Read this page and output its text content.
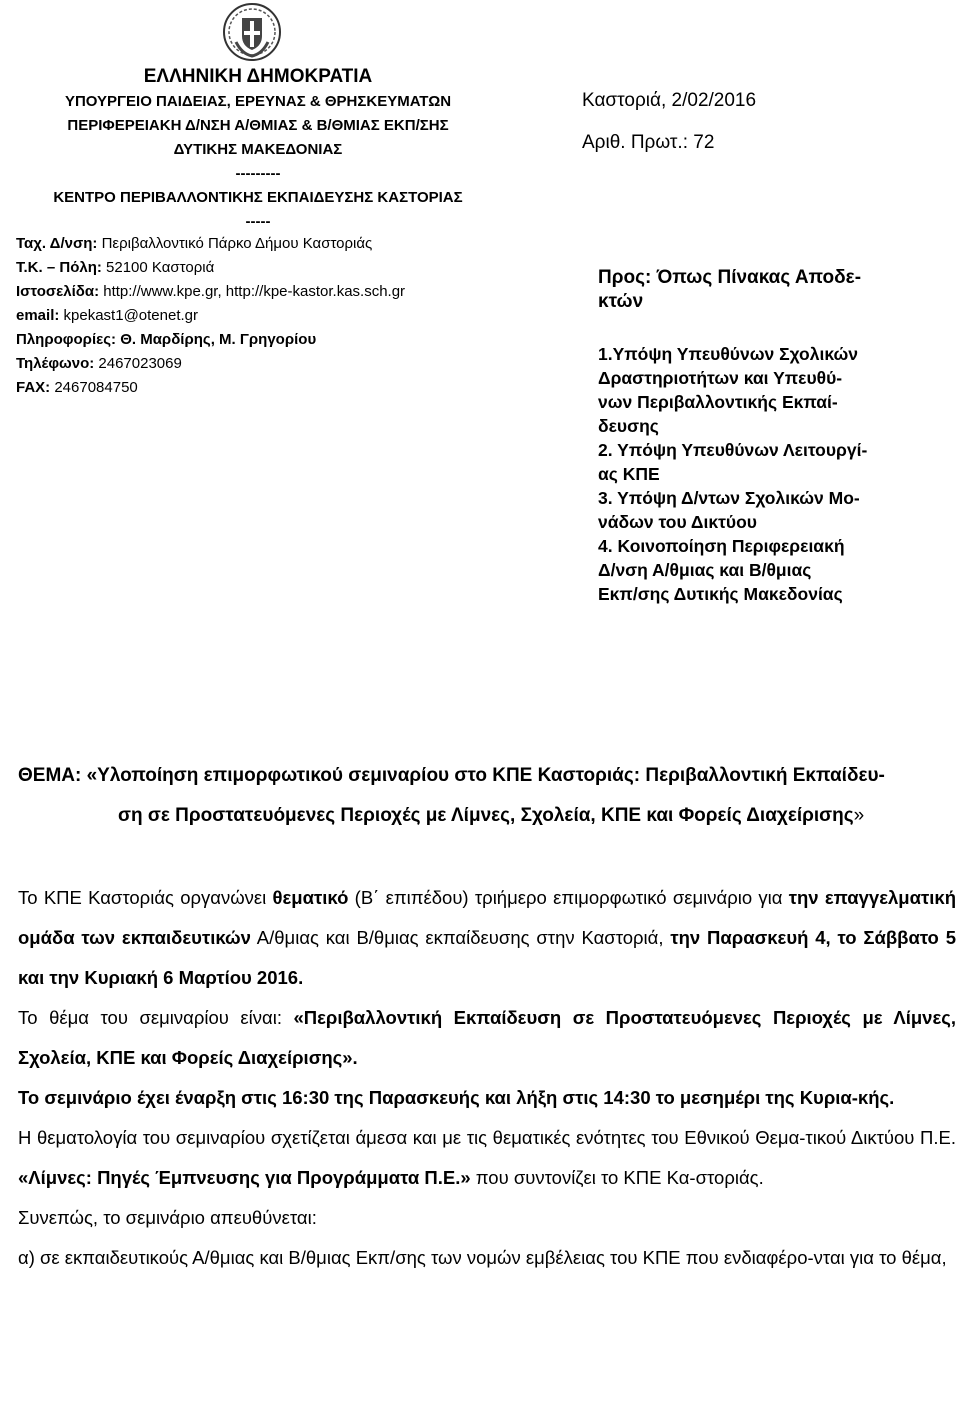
ΕΛΛΗΝΙΚΗ ΔΗΜΟΚΡΑΤΙΑ
ΥΠΟΥΡΓΕΙΟ ΠΑΙΔΕΙΑΣ, ΕΡΕΥΝΑΣ & ΘΡΗΣΚΕΥΜΑΤΩΝ
ΠΕΡΙΦΕΡΕΙΑΚΗ Δ/ΝΣΗ Α/ΘΜΙΑΣ & Β/ΘΜΙΑΣ ΕΚΠ/ΣΗΣ
ΔΥΤΙΚΗΣ ΜΑΚΕΔΟΝΙΑΣ
---------
ΚΕΝΤΡΟ ΠΕΡΙΒΑΛΛΟΝΤΙΚΗΣ ΕΚΠΑΙΔΕΥΣΗΣ ΚΑΣΤΟΡΙΑΣ
-----
Ταχ. Δ/νση: Περιβαλλοντικό Πάρκο Δήμου Καστοριάς
Τ.Κ. – Πόλη: 52100 Καστοριά
Ιστοσελίδα: http://www.kpe.gr, http://kpe-kastor.kas.sch.gr
email: kpekast1@otenet.gr
Πληροφορίες: Θ. Μαρδίρης, Μ. Γρηγορίου
Τηλέφωνο: 2467023069
FAX: 2467084750
Καστοριά, 2/02/2016
Αριθ. Πρωτ.: 72
Προς: Όπως Πίνακας Αποδε-
κτών
1.Υπόψη Υπευθύνων Σχολικών
Δραστηριοτήτων και Υπευθύ-
νων Περιβαλλοντικής Εκπαί-
δευσης
2. Υπόψη Υπευθύνων Λειτουργί-
ας ΚΠΕ
3. Υπόψη Δ/ντων Σχολικών Μο-
νάδων του Δικτύου
4. Κοινοποίηση Περιφερειακή
Δ/νση Α/θμιας και Β/θμιας
Εκπ/σης Δυτικής Μακεδονίας
ΘΕΜΑ: «Υλοποίηση επιμορφωτικού σεμιναρίου στο ΚΠΕ Καστοριάς: Περιβαλλοντική Εκπαίδευ-
ση σε Προστατευόμενες Περιοχές με Λίμνες, Σχολεία, ΚΠΕ και Φορείς Διαχείρισης»

Το ΚΠΕ Καστοριάς οργανώνει θεματικό (Β΄ επιπέδου) τριήμερο επιμορφωτικό σεμινάριο για την επαγγελματική ομάδα των εκπαιδευτικών Α/θμιας και Β/θμιας εκπαίδευσης στην Καστοριά, την Παρασκευή 4, το Σάββατο 5 και την Κυριακή 6 Μαρτίου 2016.

Το θέμα του σεμιναρίου είναι: «Περιβαλλοντική Εκπαίδευση σε Προστατευόμενες Περιοχές με Λίμνες, Σχολεία, ΚΠΕ και Φορείς Διαχείρισης».

Το σεμινάριο έχει έναρξη στις 16:30 της Παρασκευής και λήξη στις 14:30 το μεσημέρι της Κυρια-κής.

Η θεματολογία του σεμιναρίου σχετίζεται άμεσα και με τις θεματικές ενότητες του Εθνικού Θεμα-τικού Δικτύου Π.Ε. «Λίμνες: Πηγές Έμπνευσης για Προγράμματα Π.Ε.» που συντονίζει το ΚΠΕ Κα-στοριάς.

Συνεπώς, το σεμινάριο απευθύνεται:

α) σε εκπαιδευτικούς Α/θμιας και Β/θμιας Εκπ/σης των νομών εμβέλειας του ΚΠΕ που ενδιαφέρο-νται για το θέμα,
